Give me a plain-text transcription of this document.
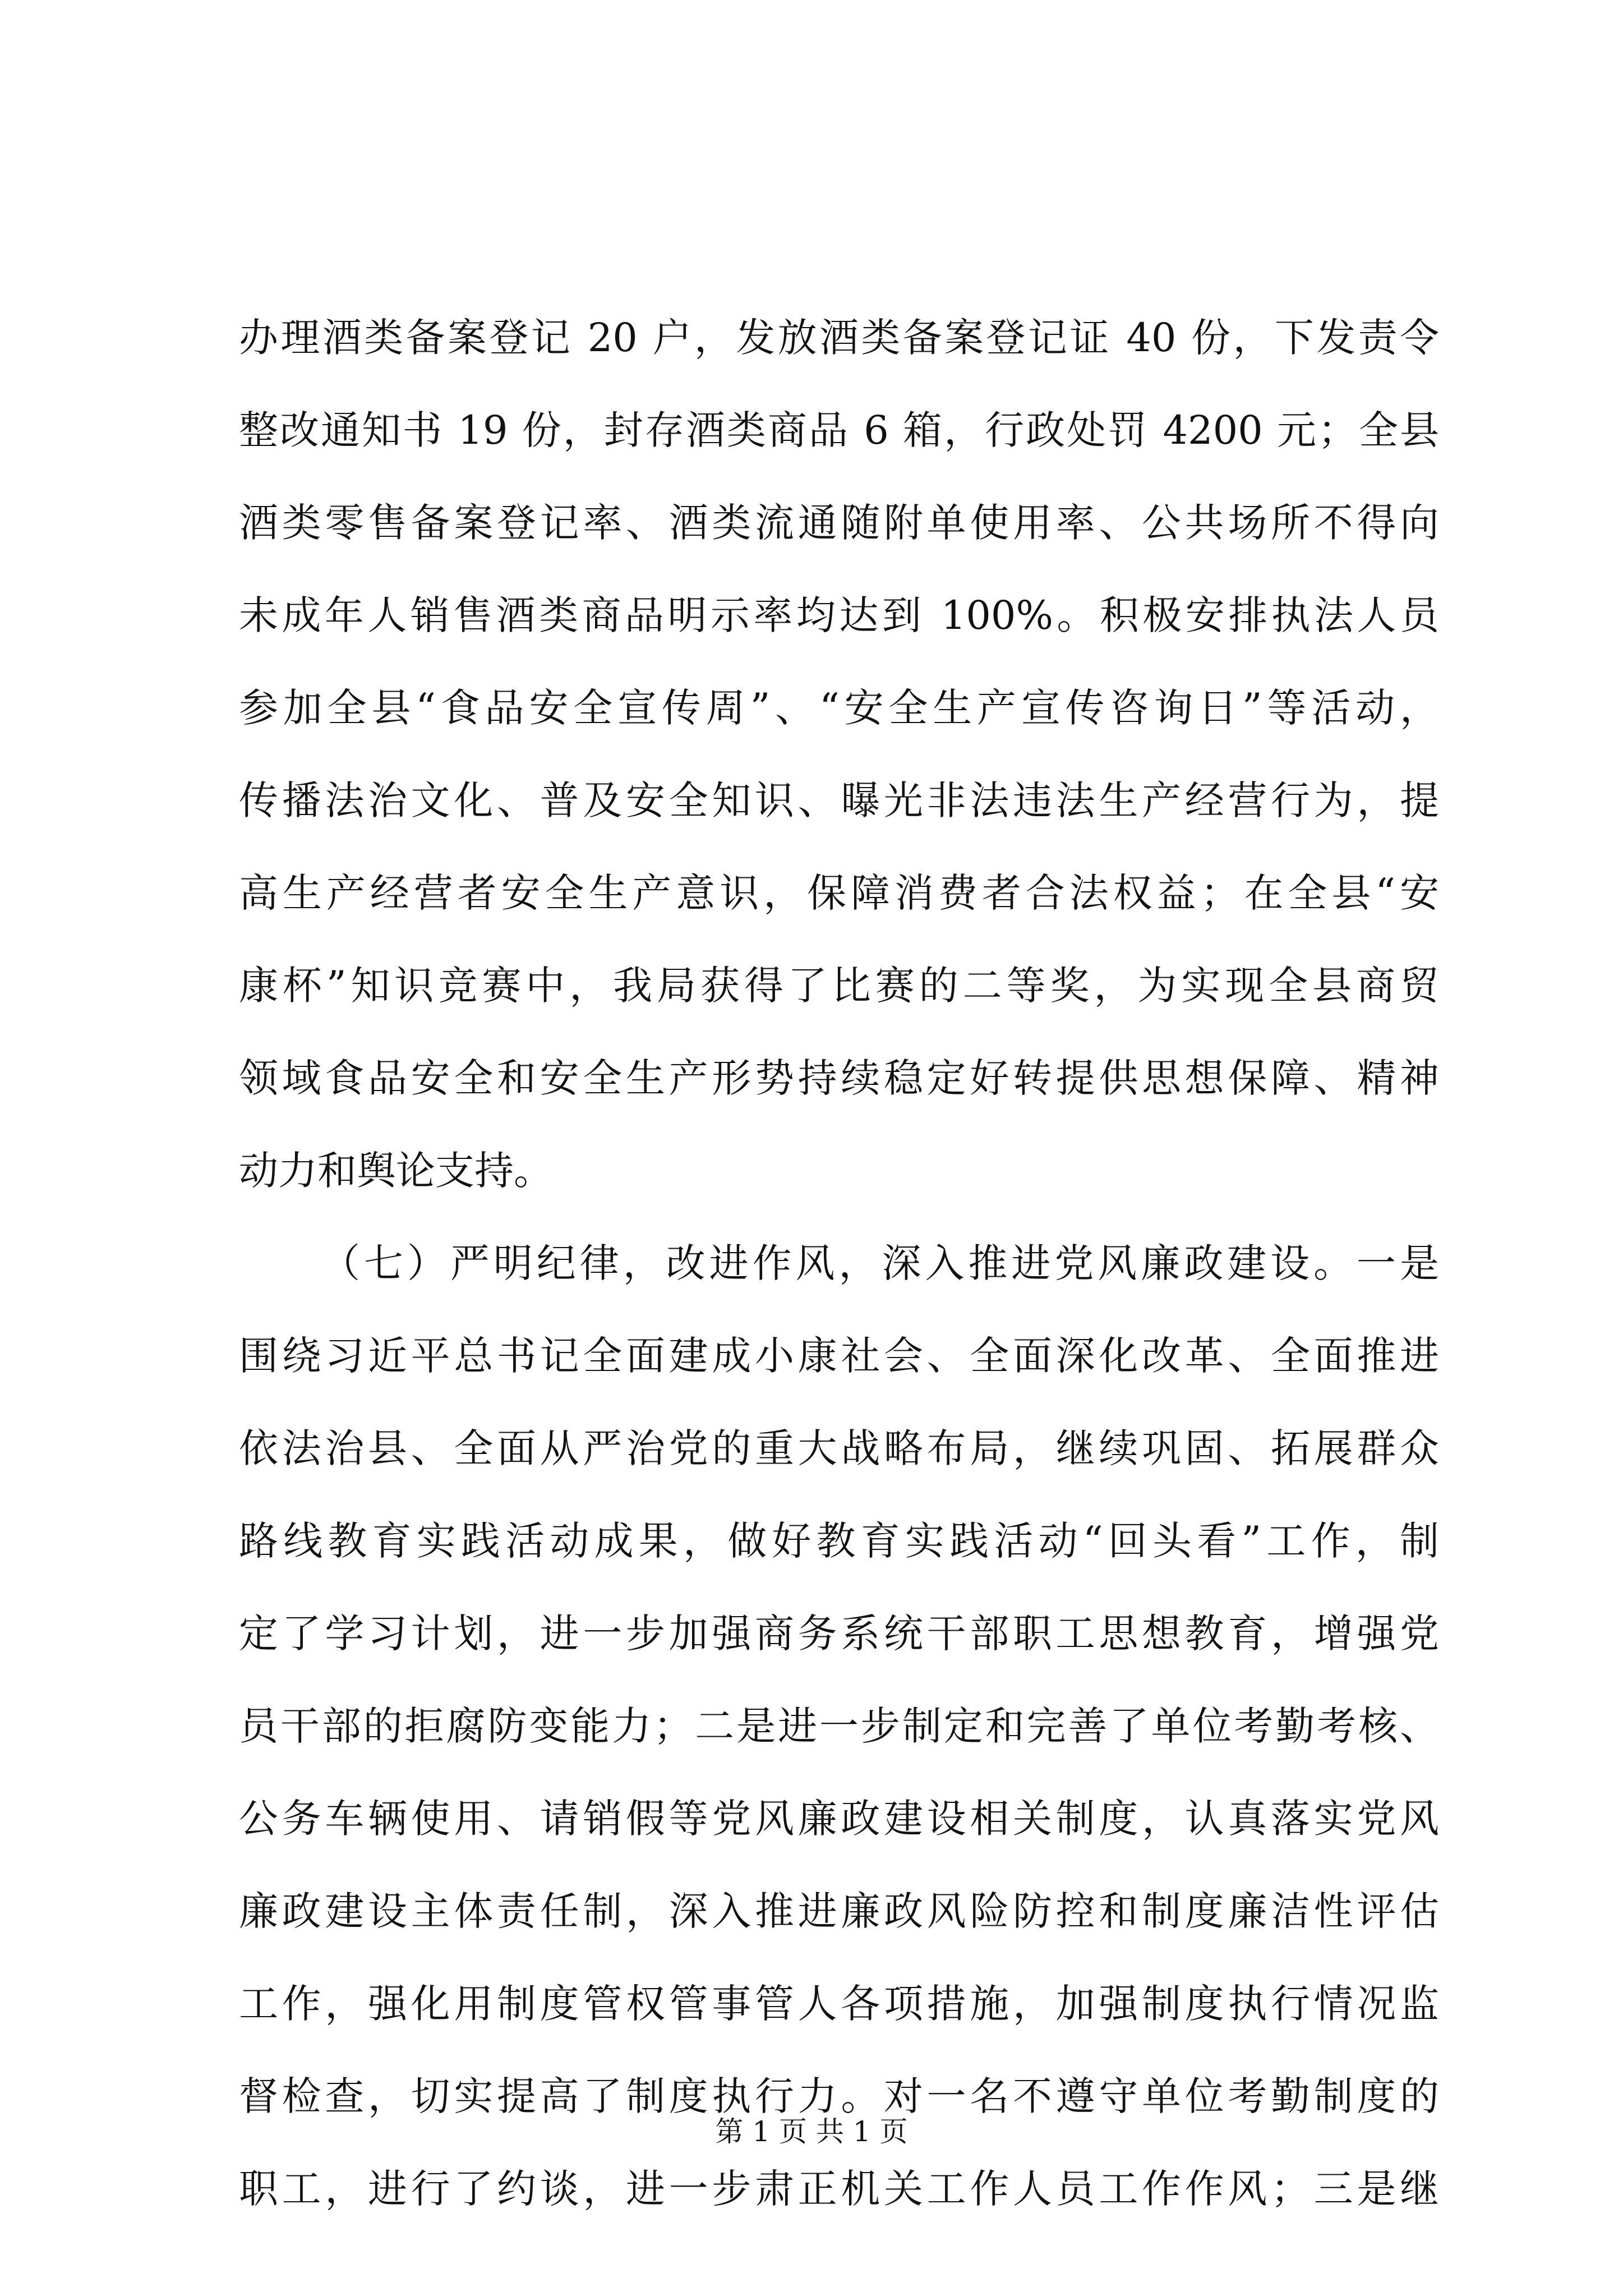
办理酒类备案登记 20 户，发放酒类备案登记证 40 份，下发责令
整改通知书 19 份，封存酒类商品 6 箱，行政处罚 4200 元；全县
酒类零售备案登记率、酒类流通随附单使用率、公共场所不得向
未成年人销售酒类商品明示率均达到 100%。积极安排执法人员
参加全县“食品安全宣传周”、“安全生产宣传咨询日”等活动，
传播法治文化、普及安全知识、曝光非法违法生产经营行为，提
高生产经营者安全生产意识，保障消费者合法权益；在全县“安
康杯”知识竞赛中，我局获得了比赛的二等奖，为实现全县商贸
领域食品安全和安全生产形势持续稳定好转提供思想保障、精神
动力和舆论支持。
（七）严明纪律，改进作风，深入推进党风廉政建设。一是
围绕习近平总书记全面建成小康社会、全面深化改革、全面推进
依法治县、全面从严治党的重大战略布局，继续巩固、拓展群众
路线教育实践活动成果，做好教育实践活动“回头看”工作，制
定了学习计划，进一步加强商务系统干部职工思想教育，增强党
员干部的拒腐防变能力；二是进一步制定和完善了单位考勤考核、
公务车辆使用、请销假等党风廉政建设相关制度，认真落实党风
廉政建设主体责任制，深入推进廉政风险防控和制度廉洁性评估
工作，强化用制度管权管事管人各项措施，加强制度执行情况监
督检查，切实提高了制度执行力。对一名不遵守单位考勤制度的
职工，进行了约谈，进一步肃正机关工作人员工作作风；三是继
第 1 页 共 1 页
